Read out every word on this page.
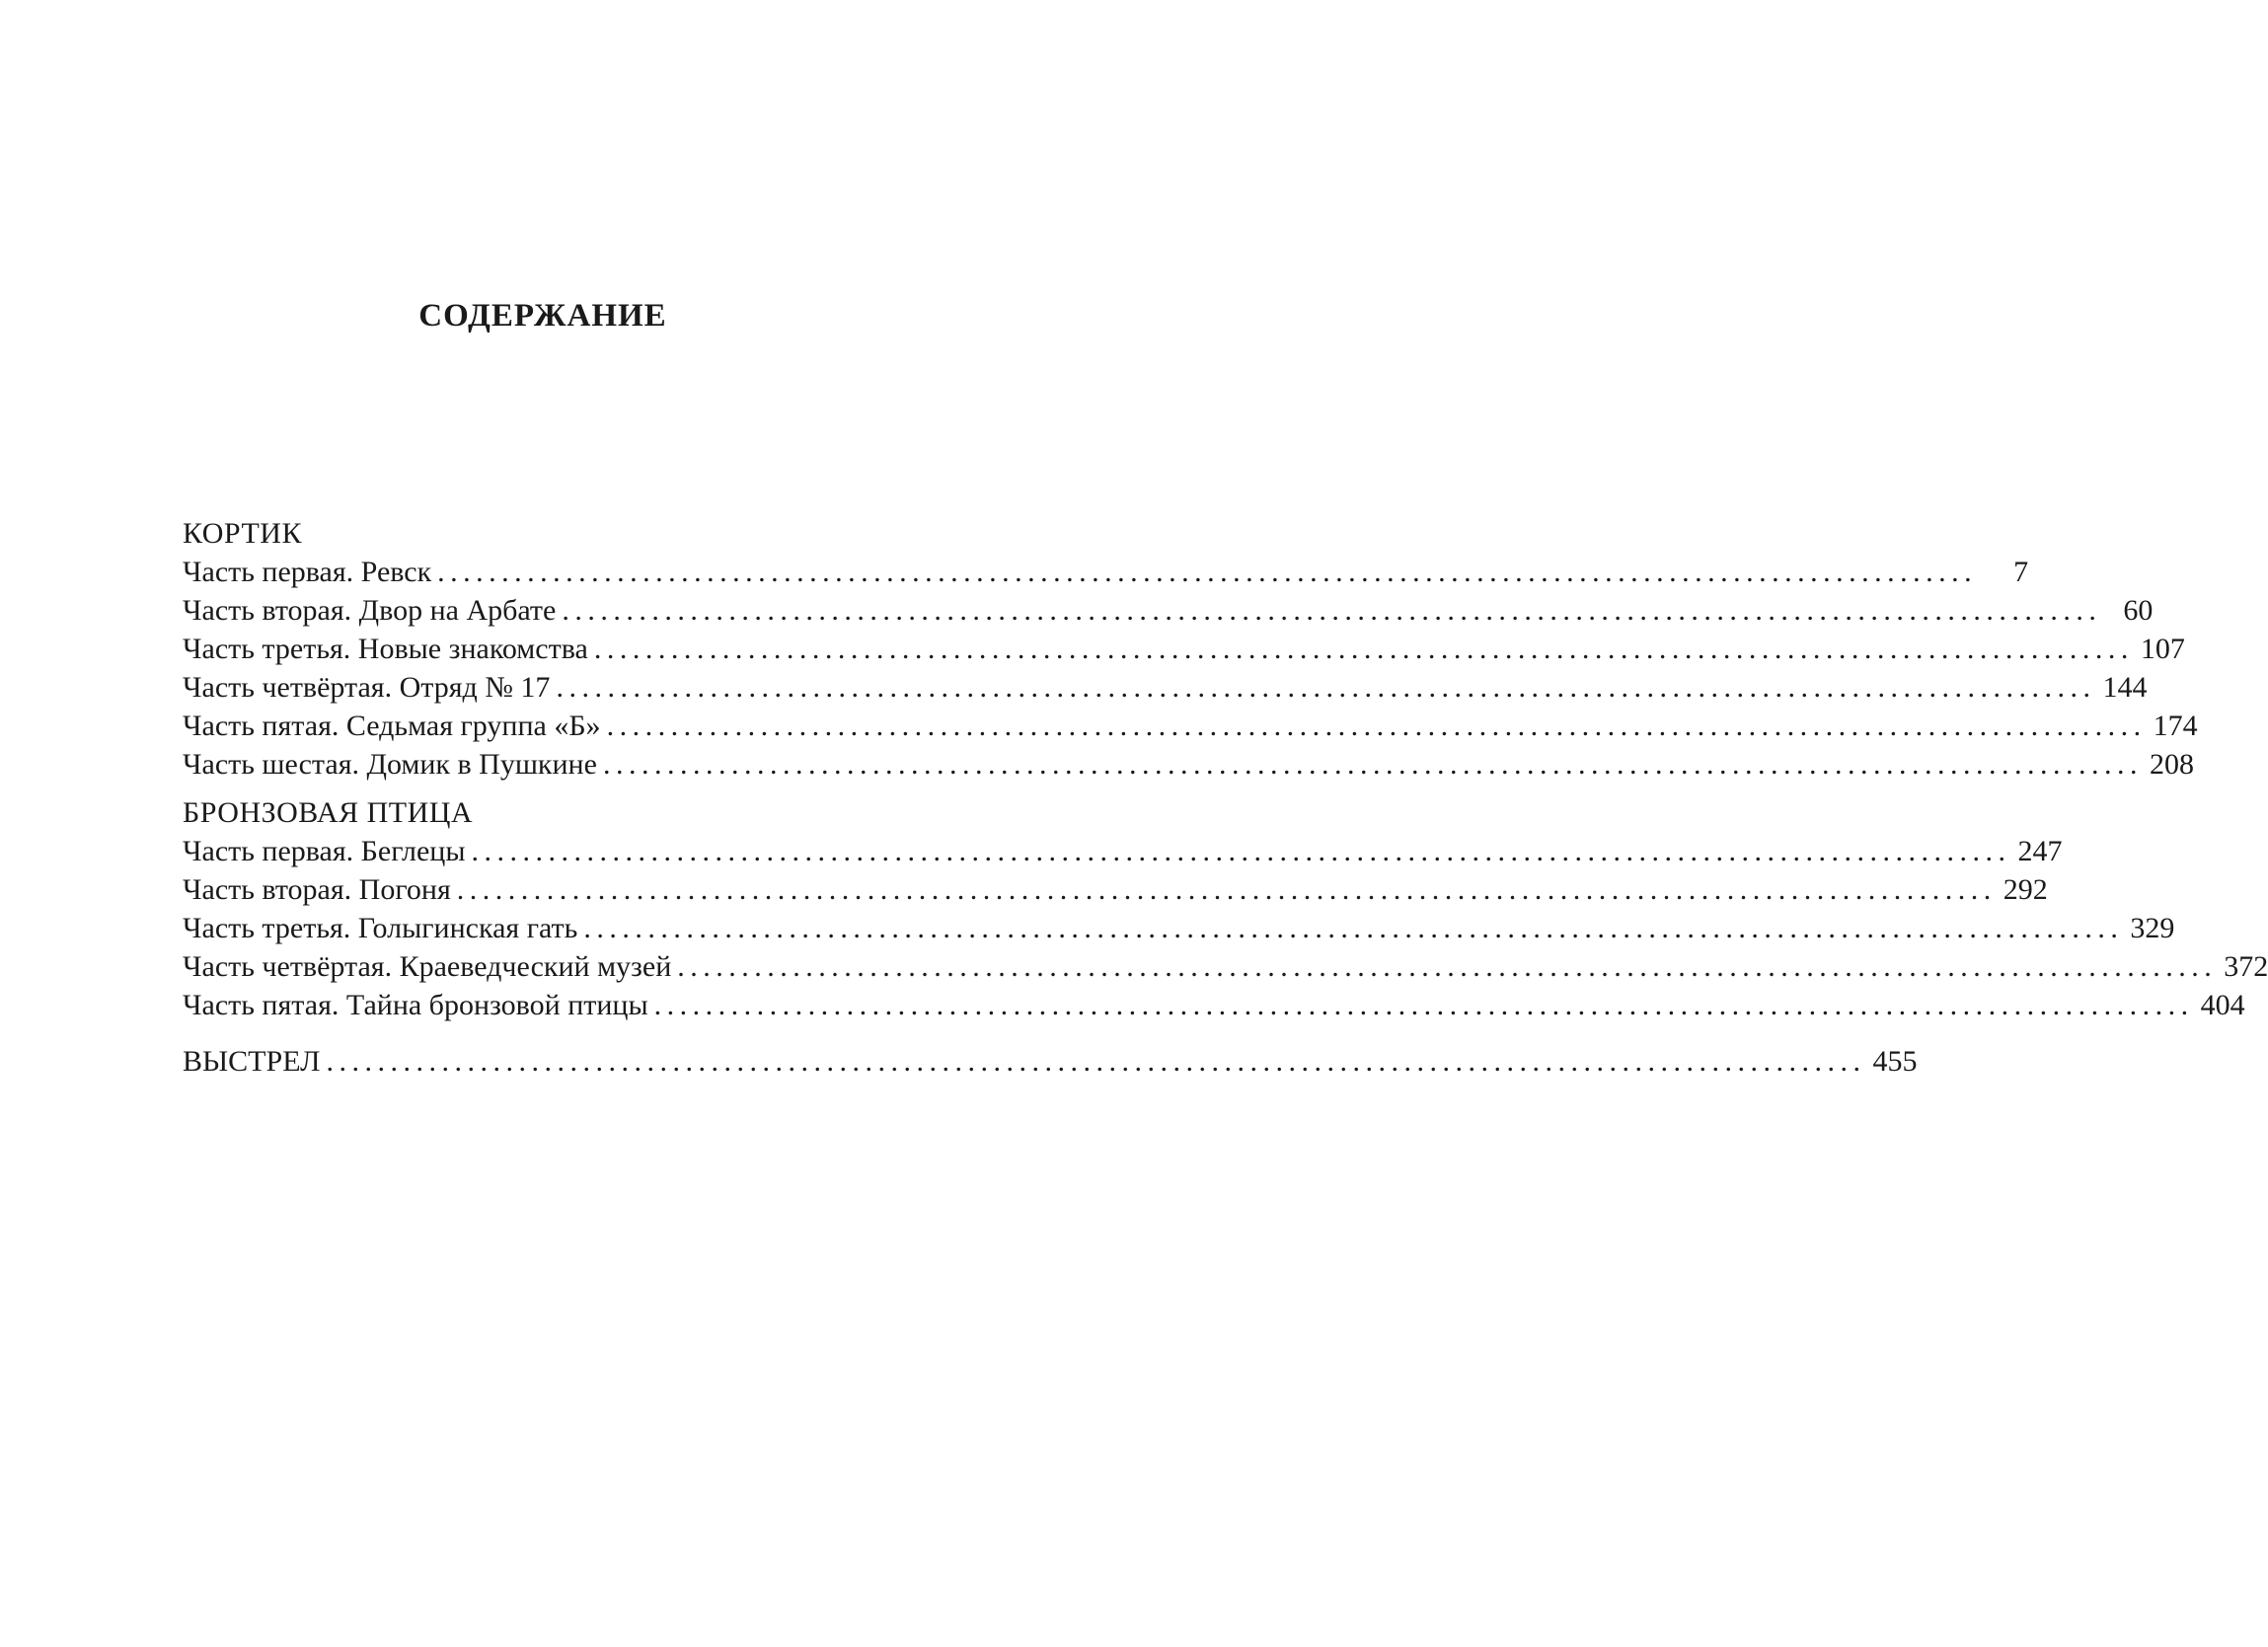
СОДЕРЖАНИЕ
КОРТИК
Часть первая. Ревск ........................................................................................................................	7
Часть вторая. Двор на Арбате ........................................................................................................................ 60
Часть третья. Новые знакомства ........................................................................................................................ 107
Часть четвёртая. Отряд № 17 ........................................................................................................................ 144
Часть пятая. Седьмая группа «Б» ........................................................................................................................ 174
Часть шестая. Домик в Пушкине ........................................................................................................................ 208
БРОНЗОВАЯ ПТИЦА
Часть первая. Беглецы ........................................................................................................................ 247
Часть вторая. Погоня ........................................................................................................................ 292
Часть третья. Голыгинская гать ........................................................................................................................ 329
Часть четвёртая. Краеведческий музей ........................................................................................................................ 372
Часть пятая. Тайна бронзовой птицы ........................................................................................................................ 404
ВЫСТРЕЛ ........................................................................................................................ 455
